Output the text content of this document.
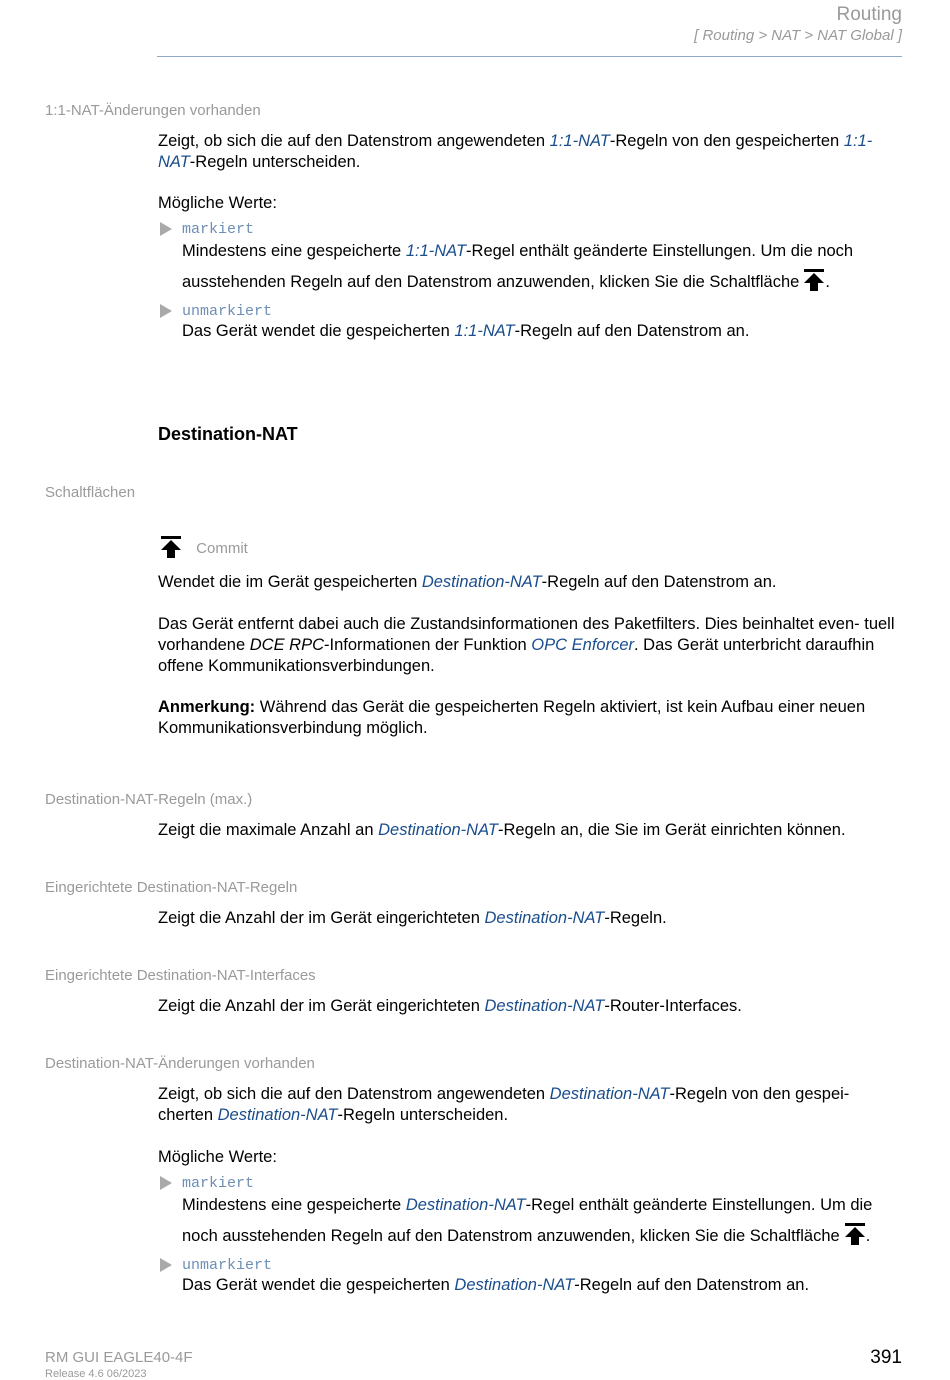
Routing
[ Routing > NAT > NAT Global ]
1:1-NAT-Änderungen vorhanden

Zeigt, ob sich die auf den Datenstrom angewendeten 1:1-NAT-Regeln von den gespeicherten 1:1-NAT-Regeln unterscheiden.

Mögliche Werte:
markiert
Mindestens eine gespeicherte 1:1-NAT-Regel enthält geänderte Einstellungen. Um die noch ausstehenden Regeln auf den Datenstrom anzuwenden, klicken Sie die Schaltfläche .
unmarkiert
Das Gerät wendet die gespeicherten 1:1-NAT-Regeln auf den Datenstrom an.
Destination-NAT
Schaltflächen
Commit

Wendet die im Gerät gespeicherten Destination-NAT-Regeln auf den Datenstrom an.

Das Gerät entfernt dabei auch die Zustandsinformationen des Paketfilters. Dies beinhaltet even- tuell vorhandene DCE RPC-Informationen der Funktion OPC Enforcer. Das Gerät unterbricht daraufhin offene Kommunikationsverbindungen.

Anmerkung: Während das Gerät die gespeicherten Regeln aktiviert, ist kein Aufbau einer neuen Kommunikationsverbindung möglich.

Destination-NAT-Regeln (max.)

Zeigt die maximale Anzahl an Destination-NAT-Regeln an, die Sie im Gerät einrichten können.

Eingerichtete Destination-NAT-Regeln

Zeigt die Anzahl der im Gerät eingerichteten Destination-NAT-Regeln.

Eingerichtete Destination-NAT-Interfaces

Zeigt die Anzahl der im Gerät eingerichteten Destination-NAT-Router-Interfaces.

Destination-NAT-Änderungen vorhanden

Zeigt, ob sich die auf den Datenstrom angewendeten Destination-NAT-Regeln von den gespei- cherten Destination-NAT-Regeln unterscheiden.

Mögliche Werte:
markiert
Mindestens eine gespeicherte Destination-NAT-Regel enthält geänderte Einstellungen. Um die noch ausstehenden Regeln auf den Datenstrom anzuwenden, klicken Sie die Schaltfläche .
unmarkiert
Das Gerät wendet die gespeicherten Destination-NAT-Regeln auf den Datenstrom an.
RM GUI EAGLE40-4F
Release 4.6 06/2023
391
